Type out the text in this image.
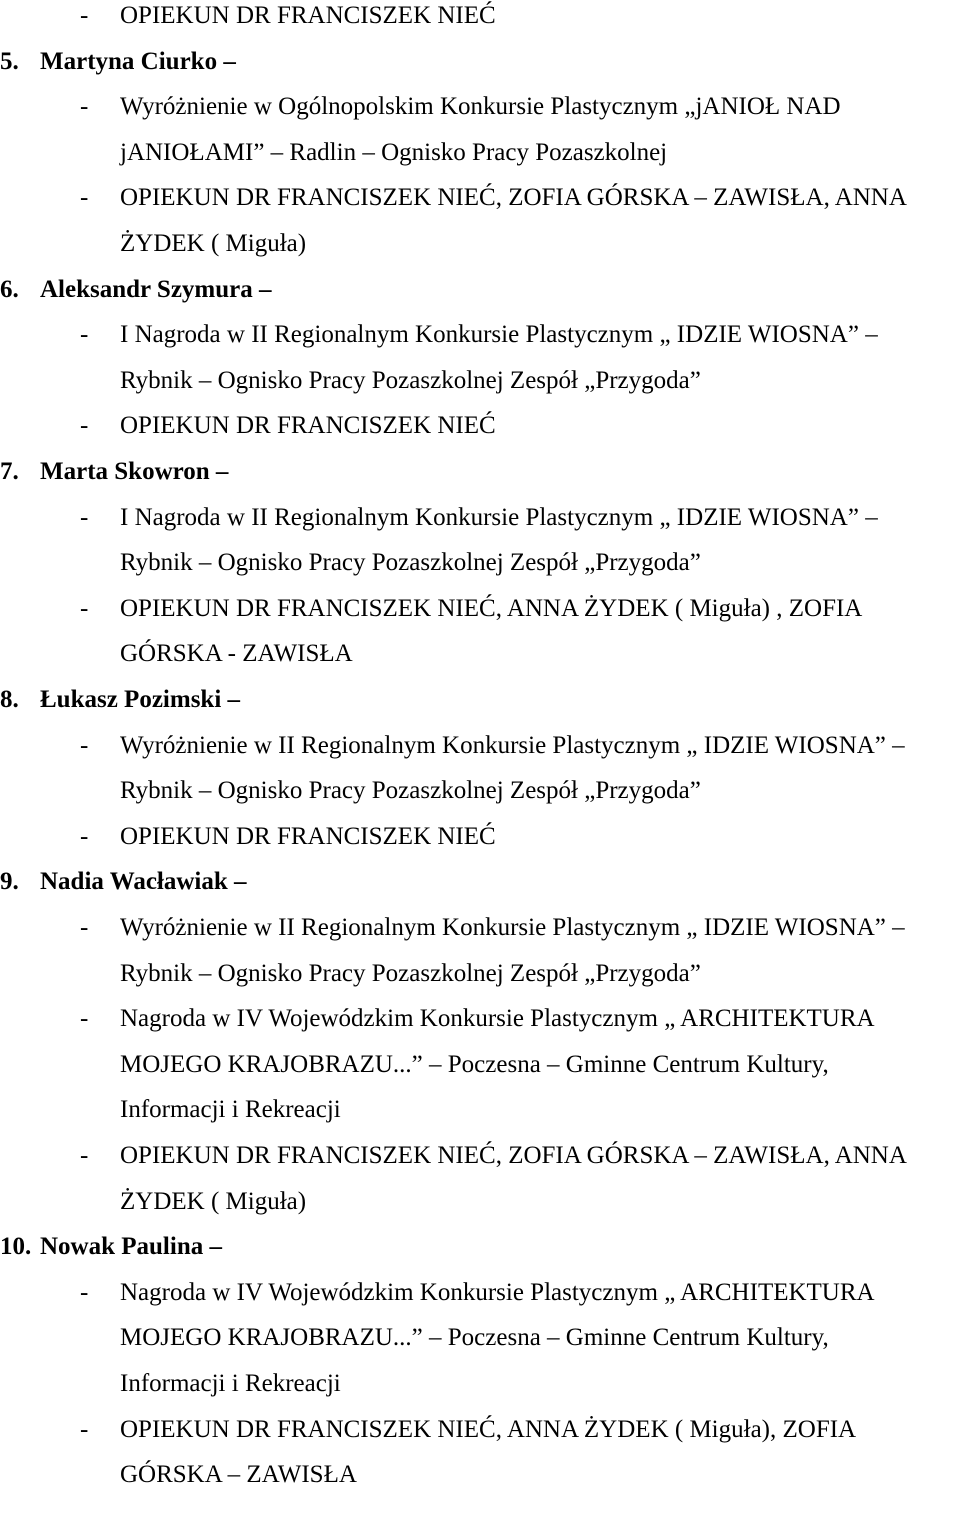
- OPIEKUN DR FRANCISZEK NIEĆ
5. Martyna Ciurko –
- Wyróżnienie w Ogólnopolskim Konkursie Plastycznym „jANIOŁ NAD
jANIOŁAMI” – Radlin – Ognisko Pracy Pozaszkolnej
- OPIEKUN DR FRANCISZEK NIEĆ, ZOFIA GÓRSKA – ZAWISŁA, ANNA
ŻYDEK ( Miguła)
6. Aleksandr Szymura –
- I Nagroda w II Regionalnym Konkursie Plastycznym „ IDZIE WIOSNA” –
Rybnik – Ognisko Pracy Pozaszkolnej Zespół „Przygoda”
- OPIEKUN DR FRANCISZEK NIEĆ
7. Marta Skowron –
- I Nagroda w II Regionalnym Konkursie Plastycznym „ IDZIE WIOSNA” –
Rybnik – Ognisko Pracy Pozaszkolnej Zespół „Przygoda”
- OPIEKUN DR FRANCISZEK NIEĆ, ANNA ŻYDEK ( Miguła) , ZOFIA
GÓRSKA - ZAWISŁA
8. Łukasz Pozimski –
- Wyróżnienie w II Regionalnym Konkursie Plastycznym „ IDZIE WIOSNA” –
Rybnik – Ognisko Pracy Pozaszkolnej Zespół „Przygoda”
- OPIEKUN DR FRANCISZEK NIEĆ
9. Nadia Wacławiak –
- Wyróżnienie w II Regionalnym Konkursie Plastycznym „ IDZIE WIOSNA” –
Rybnik – Ognisko Pracy Pozaszkolnej Zespół „Przygoda”
- Nagroda w IV Wojewódzkim Konkursie Plastycznym „ ARCHITEKTURA
MOJEGO KRAJOBRAZU...” – Poczesna – Gminne Centrum Kultury,
Informacji i Rekreacji
- OPIEKUN DR FRANCISZEK NIEĆ, ZOFIA GÓRSKA – ZAWISŁA, ANNA
ŻYDEK ( Miguła)
10. Nowak Paulina –
- Nagroda w IV Wojewódzkim Konkursie Plastycznym „ ARCHITEKTURA
MOJEGO KRAJOBRAZU...” – Poczesna – Gminne Centrum Kultury,
Informacji i Rekreacji
- OPIEKUN DR FRANCISZEK NIEĆ, ANNA ŻYDEK ( Miguła), ZOFIA
GÓRSKA – ZAWISŁA
